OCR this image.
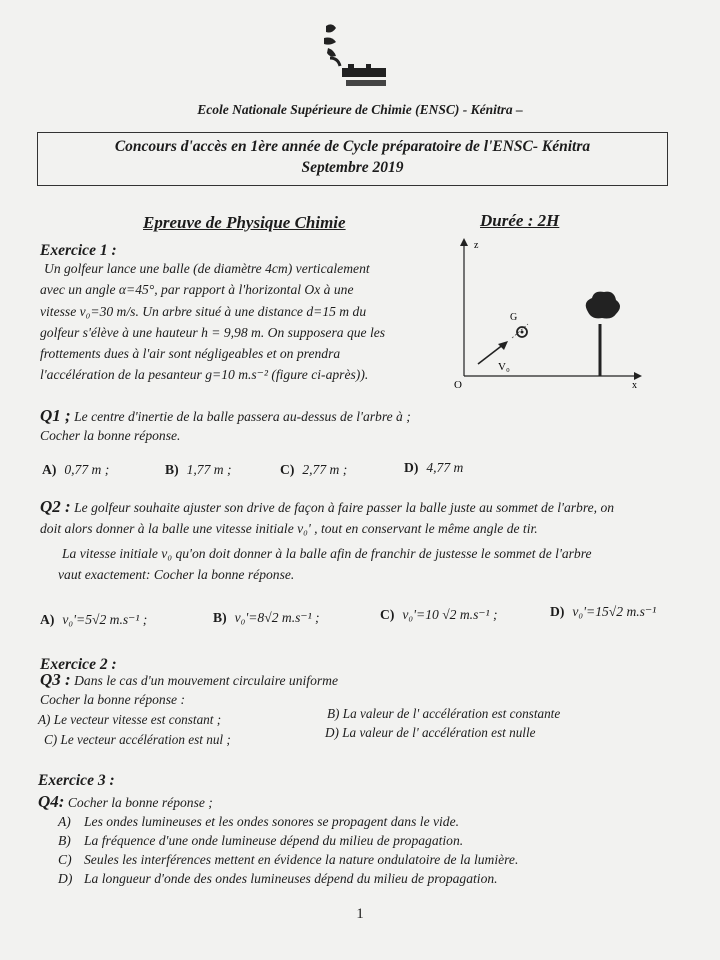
Ecole Nationale Supérieure de Chimie (ENSC) - Kénitra –
Concours d'accès en 1ère année de Cycle préparatoire de l'ENSC- Kénitra
Septembre 2019
Epreuve de Physique Chimie	Durée : 2H
Exercice 1 :
Un golfeur lance une balle (de diamètre 4cm) verticalement
avec un angle α=45°, par rapport à l'horizontal Ox à une
vitesse v₀=30 m/s. Un arbre situé à une distance d=15 m du
golfeur s'élève à une hauteur h = 9,98 m. On supposera que les
frottements dues à l'air sont négligeables et on prendra
l'accélération de la pesanteur g=10 m.s⁻² (figure ci-après)).
z
x
O
G
V₀
Q1 ; Le centre d'inertie de la balle passera au-dessus de l'arbre à ;
Cocher la bonne réponse.
A) 0,77 m ;	B) 1,77 m ;	C) 2,77 m ;	D) 4,77 m
Q2 : Le golfeur souhaite ajuster son drive de façon à faire passer la balle juste au sommet de l'arbre, on
doit alors donner à la balle une vitesse initiale v₀' , tout en conservant le même angle de tir.
La vitesse initiale v₀ qu'on doit donner à la balle afin de franchir de justesse le sommet de l'arbre
vaut exactement: Cocher la bonne réponse.
A) v₀'=5√2 m.s⁻¹ ;	B) v₀'=8√2 m.s⁻¹ ;	C) v₀'=10 √2 m.s⁻¹ ;	D) v₀'=15√2 m.s⁻¹
Exercice 2 :
Q3 : Dans le cas d'un mouvement circulaire uniforme
Cocher la bonne réponse :
A) Le vecteur vitesse est constant ;	B) La valeur de l' accélération est constante
C) Le vecteur accélération est nul ;	D) La valeur de l' accélération est nulle
Exercice 3 :
Q4: Cocher la bonne réponse ;
A) Les ondes lumineuses et les ondes sonores se propagent dans le vide.
B) La fréquence d'une onde lumineuse dépend du milieu de propagation.
C) Seules les interférences mettent en évidence la nature ondulatoire de la lumière.
D) La longueur d'onde des ondes lumineuses dépend du milieu de propagation.
1
